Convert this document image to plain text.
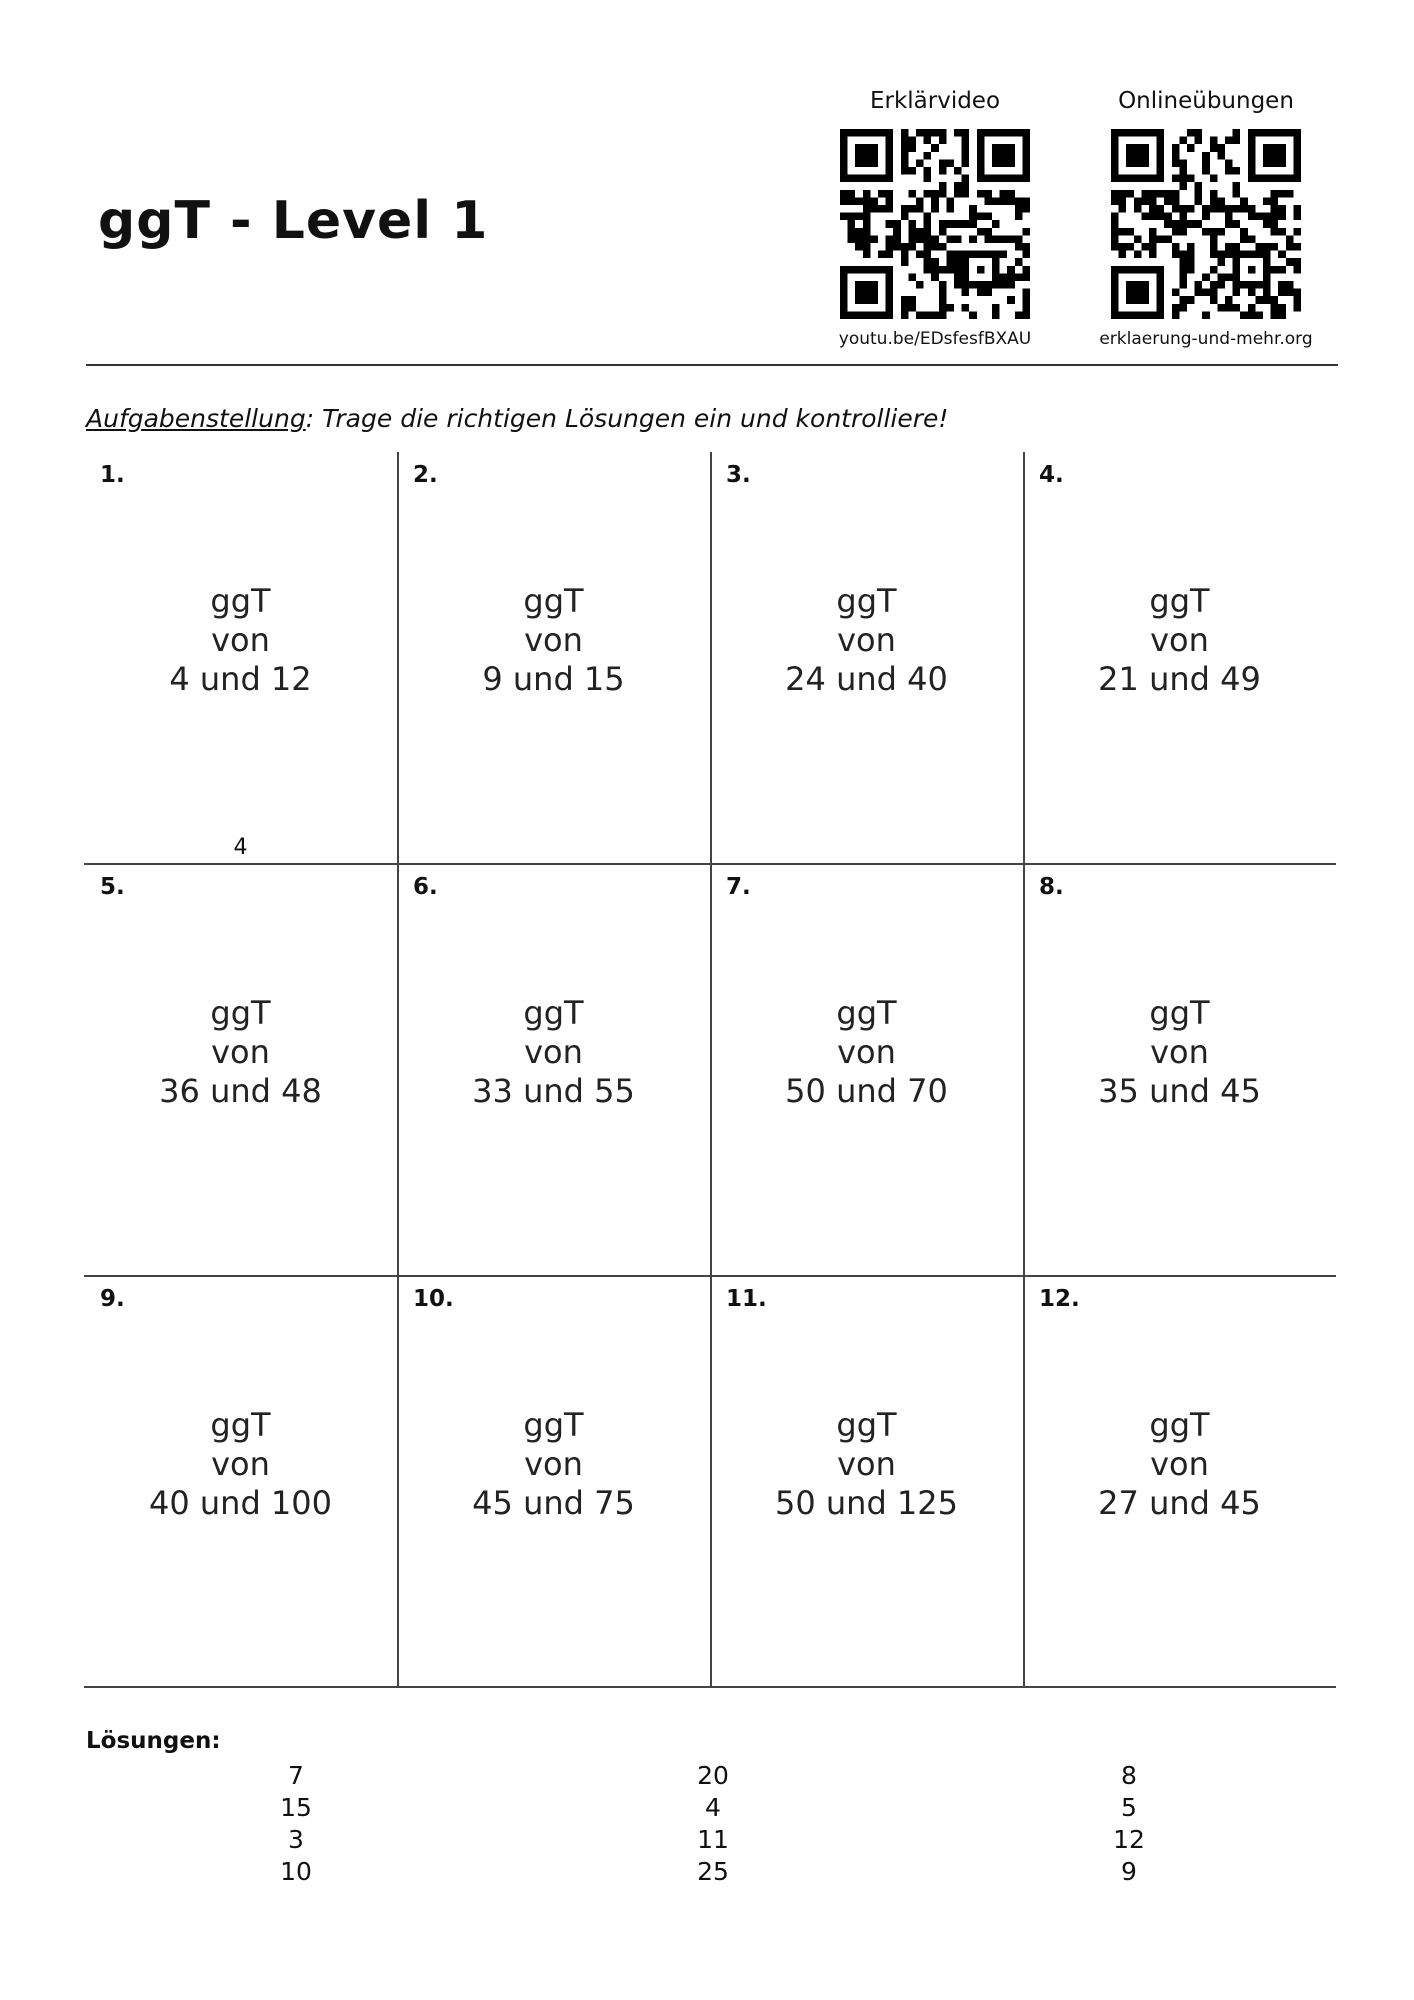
ggT - Level 1
Erklärvideo
youtu.be/EDsfesfBXAU
Onlineübungen
erklaerung-und-mehr.org
Aufgabenstellung: Trage die richtigen Lösungen ein und kontrolliere!
1.
ggT
von
4 und 12
4
2.
ggT
von
9 und 15
3.
ggT
von
24 und 40
4.
ggT
von
21 und 49
5.
ggT
von
36 und 48
6.
ggT
von
33 und 55
7.
ggT
von
50 und 70
8.
ggT
von
35 und 45
9.
ggT
von
40 und 100
10.
ggT
von
45 und 75
11.
ggT
von
50 und 125
12.
ggT
von
27 und 45
Lösungen:
7
15
3
10
20
4
11
25
8
5
12
9
